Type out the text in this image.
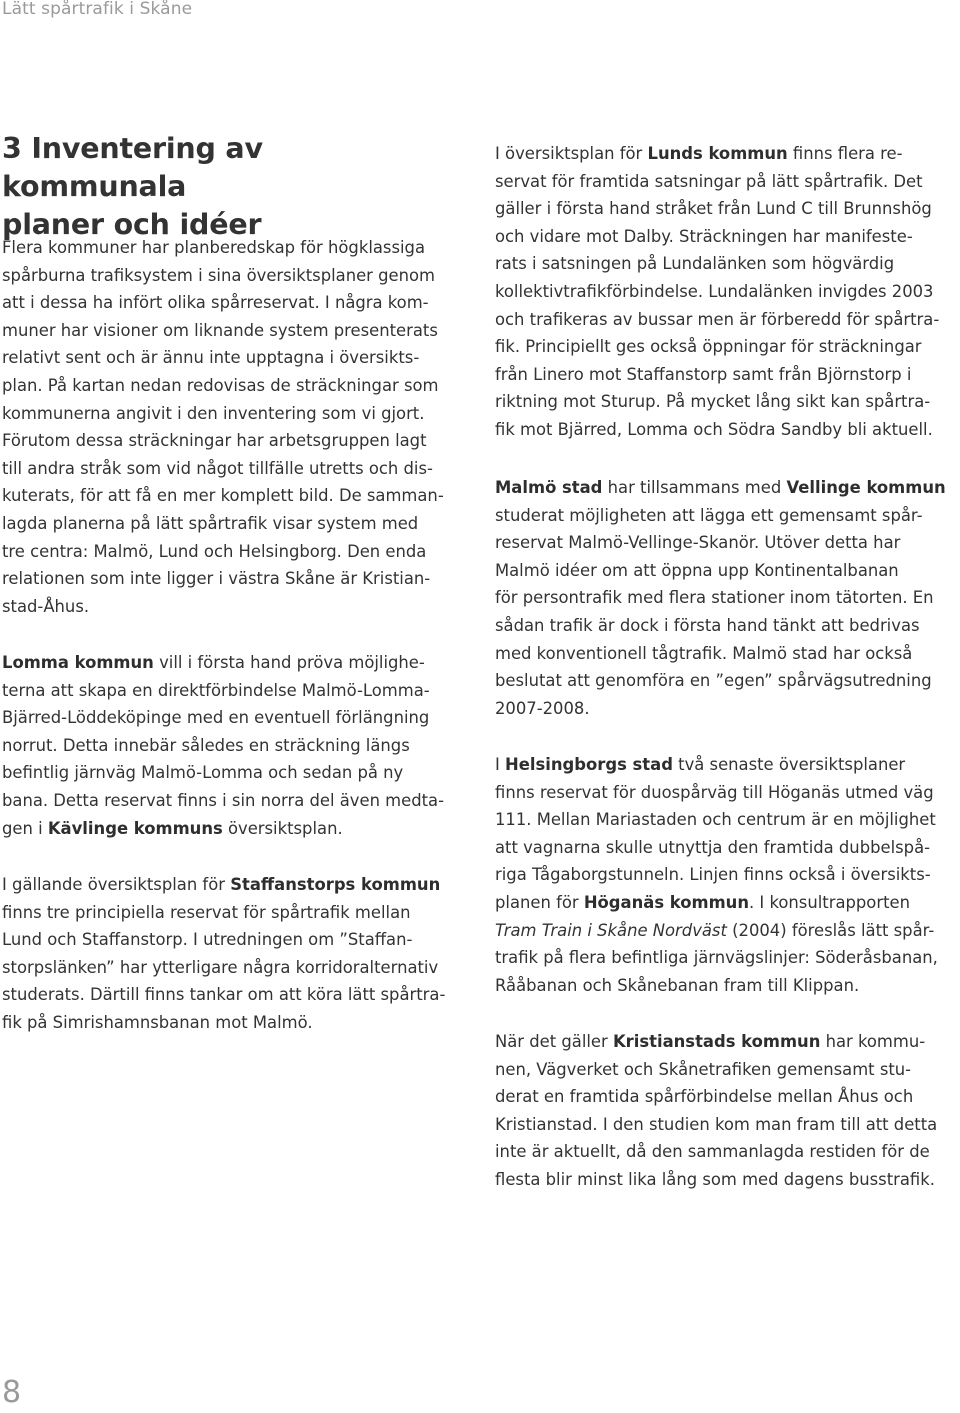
Lätt spårtrafik i Skåne
3 Inventering av kommunala
planer och idéer

Flera kommuner har planberedskap för högklassiga
spårburna trafiksystem i sina översiktsplaner genom
att i dessa ha infört olika spårreservat. I några kom-
muner har visioner om liknande system presenterats
relativt sent och är ännu inte upptagna i översikts-
plan. På kartan nedan redovisas de sträckningar som
kommunerna angivit i den inventering som vi gjort.
Förutom dessa sträckningar har arbetsgruppen lagt
till andra stråk som vid något tillfälle utretts och dis-
kuterats, för att få en mer komplett bild. De samman-
lagda planerna på lätt spårtrafik visar system med
tre centra: Malmö, Lund och Helsingborg. Den enda
relationen som inte ligger i västra Skåne är Kristian-
stad-Åhus.

Lomma kommun vill i första hand pröva möjlighe-
terna att skapa en direktförbindelse Malmö-Lomma-
Bjärred-Löddeköpinge med en eventuell förlängning
norrut. Detta innebär således en sträckning längs
befintlig järnväg Malmö-Lomma och sedan på ny
bana. Detta reservat finns i sin norra del även medta-
gen i Kävlinge kommuns översiktsplan.

I gällande översiktsplan för Staffanstorps kommun
finns tre principiella reservat för spårtrafik mellan
Lund och Staffanstorp. I utredningen om ”Staffan-
storpslänken” har ytterligare några korridoralternativ
studerats. Därtill finns tankar om att köra lätt spårtra-
fik på Simrishamnsbanan mot Malmö.

I översiktsplan för Lunds kommun finns flera re-
servat för framtida satsningar på lätt spårtrafik. Det
gäller i första hand stråket från Lund C till Brunnshög
och vidare mot Dalby. Sträckningen har manifeste-
rats i satsningen på Lundalänken som högvärdig
kollektivtrafikförbindelse. Lundalänken invigdes 2003
och trafikeras av bussar men är förberedd för spårtra-
fik. Principiellt ges också öppningar för sträckningar
från Linero mot Staffanstorp samt från Björnstorp i
riktning mot Sturup. På mycket lång sikt kan spårtra-
fik mot Bjärred, Lomma och Södra Sandby bli aktuell.

Malmö stad har tillsammans med Vellinge kommun
studerat möjligheten att lägga ett gemensamt spår-
reservat Malmö-Vellinge-Skanör. Utöver detta har
Malmö idéer om att öppna upp Kontinentalbanan
för persontrafik med flera stationer inom tätorten. En
sådan trafik är dock i första hand tänkt att bedrivas
med konventionell tågtrafik. Malmö stad har också
beslutat att genomföra en ”egen” spårvägsutredning
2007-2008.

I Helsingborgs stad två senaste översiktsplaner
finns reservat för duospårväg till Höganäs utmed väg
111. Mellan Mariastaden och centrum är en möjlighet
att vagnarna skulle utnyttja den framtida dubbelspå-
riga Tågaborgstunneln. Linjen finns också i översikts-
planen för Höganäs kommun. I konsultrapporten
Tram Train i Skåne Nordväst (2004) föreslås lätt spår-
trafik på flera befintliga järnvägslinjer: Söderåsbanan,
Rååbanan och Skånebanan fram till Klippan.

När det gäller Kristianstads kommun har kommu-
nen, Vägverket och Skånetrafiken gemensamt stu-
derat en framtida spårförbindelse mellan Åhus och
Kristianstad. I den studien kom man fram till att detta
inte är aktuellt, då den sammanlagda restiden för de
flesta blir minst lika lång som med dagens busstrafik.

8
